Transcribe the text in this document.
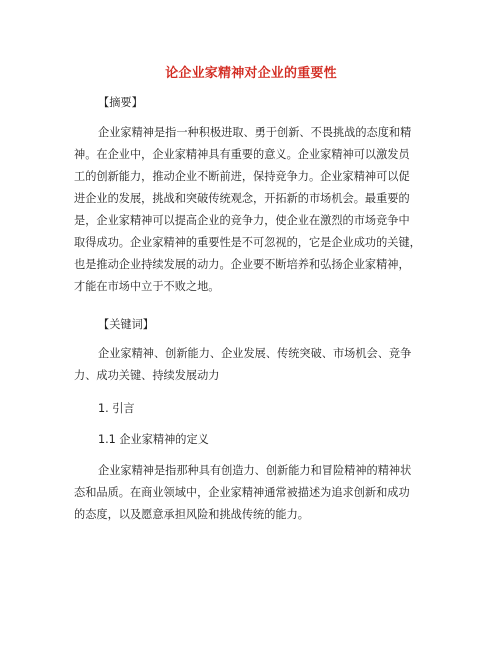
论企业家精神对企业的重要性
【摘要】
企业家精神是指一种积极进取、勇于创新、不畏挑战的态度和精
神。在企业中，企业家精神具有重要的意义。企业家精神可以激发员
工的创新能力，推动企业不断前进，保持竞争力。企业家精神可以促
进企业的发展，挑战和突破传统观念，开拓新的市场机会。最重要的
是，企业家精神可以提高企业的竞争力，使企业在激烈的市场竞争中
取得成功。企业家精神的重要性是不可忽视的，它是企业成功的关键，
也是推动企业持续发展的动力。企业要不断培养和弘扬企业家精神，
才能在市场中立于不败之地。
【关键词】
企业家精神、创新能力、企业发展、传统突破、市场机会、竞争
力、成功关键、持续发展动力
1. 引言
1.1 企业家精神的定义
企业家精神是指那种具有创造力、创新能力和冒险精神的精神状
态和品质。在商业领域中，企业家精神通常被描述为追求创新和成功
的态度，以及愿意承担风险和挑战传统的能力。
